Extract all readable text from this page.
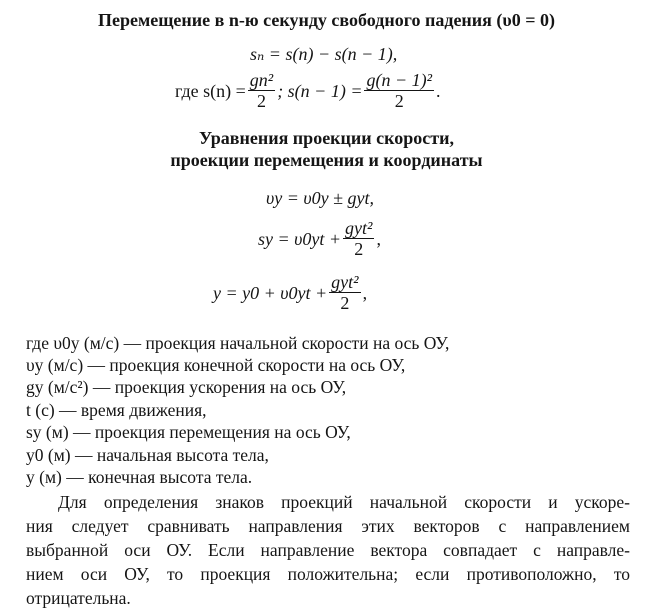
Перемещение в n-ю секунду свободного падения (υ0 = 0)
sₙ = s(n) − s(n − 1),
где $s(n) = \frac{\text{gn²}}{2}$ ; $s(n - 1) = \frac{\text{g(n − 1)²}}{2}$ .
Уравнения проекции скорости,
проекции перемещения и координаты
υy = υ0y ± gyt,
sy = $\upsilon 0yt + \frac{\text{gyt²}}{2}$ ,
$y = y0 + \upsilon 0yt + \frac{\text{gyt²}}{2}$ ,
где υ0y (м/с) — проекция начальной скорости на ось ОУ,
υy (м/с) — проекция конечной скорости на ось ОУ,
gy (м/с²) — проекция ускорения на ось ОУ,
t (с) — время движения,
sy (м) — проекция перемещения на ось ОУ,
y0 (м) — начальная высота тела,
y (м) — конечная высота тела.
Для определения знаков проекций начальной скорости и ускоре-
ния следует сравнивать направления этих векторов с направлением
выбранной оси ОУ. Если направление вектора совпадает с направле-
нием оси ОУ, то проекция положительна; если противоположно, то
отрицательна.
